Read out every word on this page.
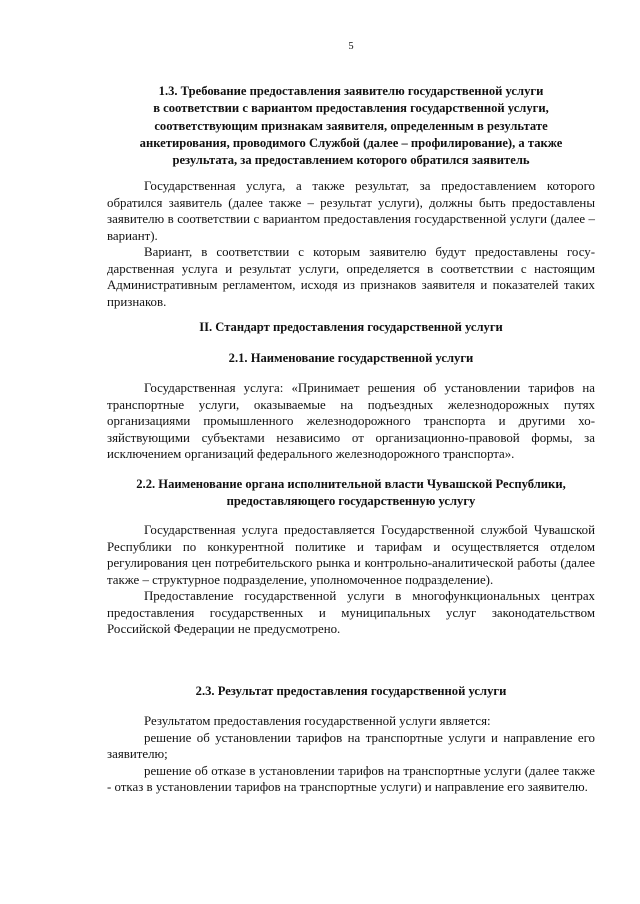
5

1.3. Требование предоставления заявителю государственной услуги
в соответствии с вариантом предоставления государственной услуги,
соответствующим признакам заявителя, определенным в результате
анкетирования, проводимого Службой (далее – профилирование), а также
результата, за предоставлением которого обратился заявитель

Государственная услуга, а также результат, за предоставлением которого обратился заявитель (далее также – результат услуги), должны быть предоставлены заявителю в соответствии с вариантом предоставления государственной услуги (далее – вариант).

Вариант, в соответствии с которым заявителю будут предоставлены государственная услуга и результат услуги, определяется в соответствии с настоящим Административным регламентом, исходя из признаков заявителя и показателей таких признаков.

II. Стандарт предоставления государственной услуги

2.1. Наименование государственной услуги

Государственная услуга: «Принимает решения об установлении тарифов на транспортные услуги, оказываемые на подъездных железнодорожных путях организациями промышленного железнодорожного транспорта и другими хозяйствующими субъектами независимо от организационно-правовой формы, за исключением организаций федерального железнодорожного транспорта».

2.2. Наименование органа исполнительной власти Чувашской Республики,
предоставляющего государственную услугу

Государственная услуга предоставляется Государственной службой Чувашской Республики по конкурентной политике и тарифам и осуществляется отделом регулирования цен потребительского рынка и контрольно-аналитической работы (далее также – структурное подразделение, уполномоченное подразделение).

Предоставление государственной услуги в многофункциональных центрах предоставления государственных и муниципальных услуг законодательством Российской Федерации не предусмотрено.

2.3. Результат предоставления государственной услуги

Результатом предоставления государственной услуги является:

решение об установлении тарифов на транспортные услуги и направление его заявителю;

решение об отказе в установлении тарифов на транспортные услуги (далее также - отказ в установлении тарифов на транспортные услуги) и направление его заявителю.
